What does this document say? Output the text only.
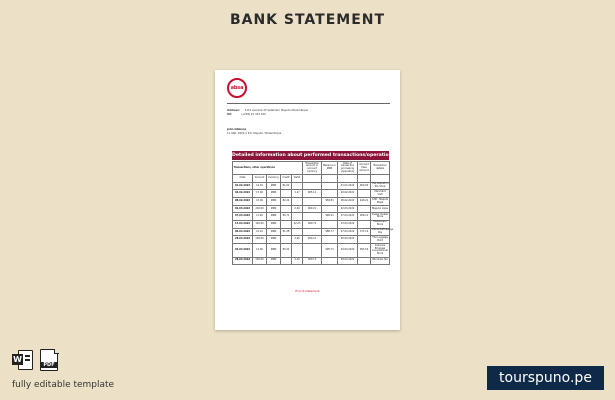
BANK STATEMENT
absa
Address: 1110 Avenida 25 Setembro Maputo Mozambique
Tel:	(+258) 21 343 450
John Gibbons
11 000, 1822-1 P.O. Maputo, Mozambique
Detailed information about performed transactions/operations
Transactions, other operations					Transaction amount in account currency	Balance in MZN	Date of transaction processing (operation)	Account Fees amount	Transaction details
Date	Amount	Currency	Credit	Debit					
01.02.2022	12.01	MZN	81.02				01.02.2022	900.00	The deposit in the Shop
04.02.2022	17.00	MZN		1.17	905.11		04.02.2022		Merchant Visit
08.02.2022	15.00	MZN	82.24			958.81	08.02.2022	440.21	ATM - Maputo Plaza
02.03.2022	202.00	MZN		2.20	900.21		02.03.2022		Maputo Lojas
07.03.2022	11.40	MZN	80.71			996.21	07.03.2022	956.21	Ovelar Ouelar Store
13.03.2022	120.00	MZN		42.23	000.74		13.03.2022		Dukanners Store
06.03.2022	21.10	MZN	81.28			988.77	27.03.2022	371.12	Catrathusthaways Pay
28.03.2022	202.00	MZN		2.20	900.21		28.03.2022		The Luggage Point
04.03.2022	12.00	MZN	80.21			995.71	04.03.2022	953.54	Instance Empress Conventional Store
28.03.2022	102.00	MZN		4.20	000.13		28.03.2022		Windows the
End of statement
W
PDF
fully editable template	tourspuno.pe
